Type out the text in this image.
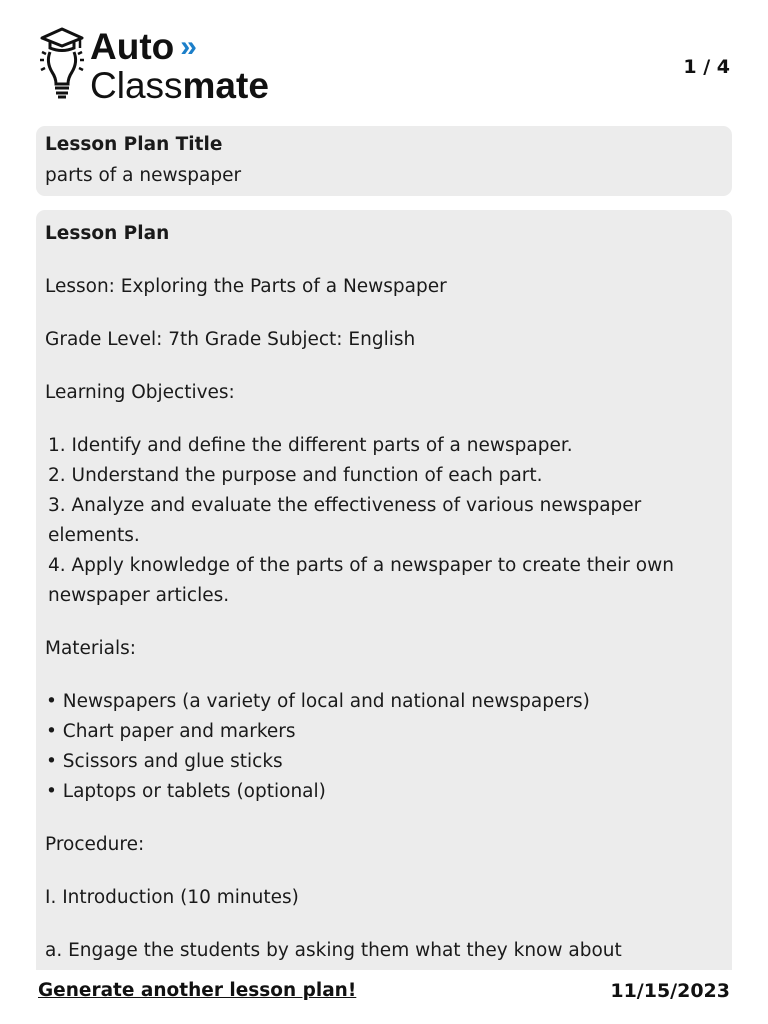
Auto »
Classmate	1 / 4
Lesson Plan Title
parts of a newspaper

Lesson Plan

Lesson: Exploring the Parts of a Newspaper

Grade Level: 7th Grade Subject: English

Learning Objectives:

1. Identify and define the different parts of a newspaper.
2. Understand the purpose and function of each part.
3. Analyze and evaluate the effectiveness of various newspaper elements.
4. Apply knowledge of the parts of a newspaper to create their own newspaper articles.

Materials:

• Newspapers (a variety of local and national newspapers)
• Chart paper and markers
• Scissors and glue sticks
• Laptops or tablets (optional)

Procedure:

I. Introduction (10 minutes)

a. Engage the students by asking them what they know about

Generate another lesson plan!	11/15/2023
